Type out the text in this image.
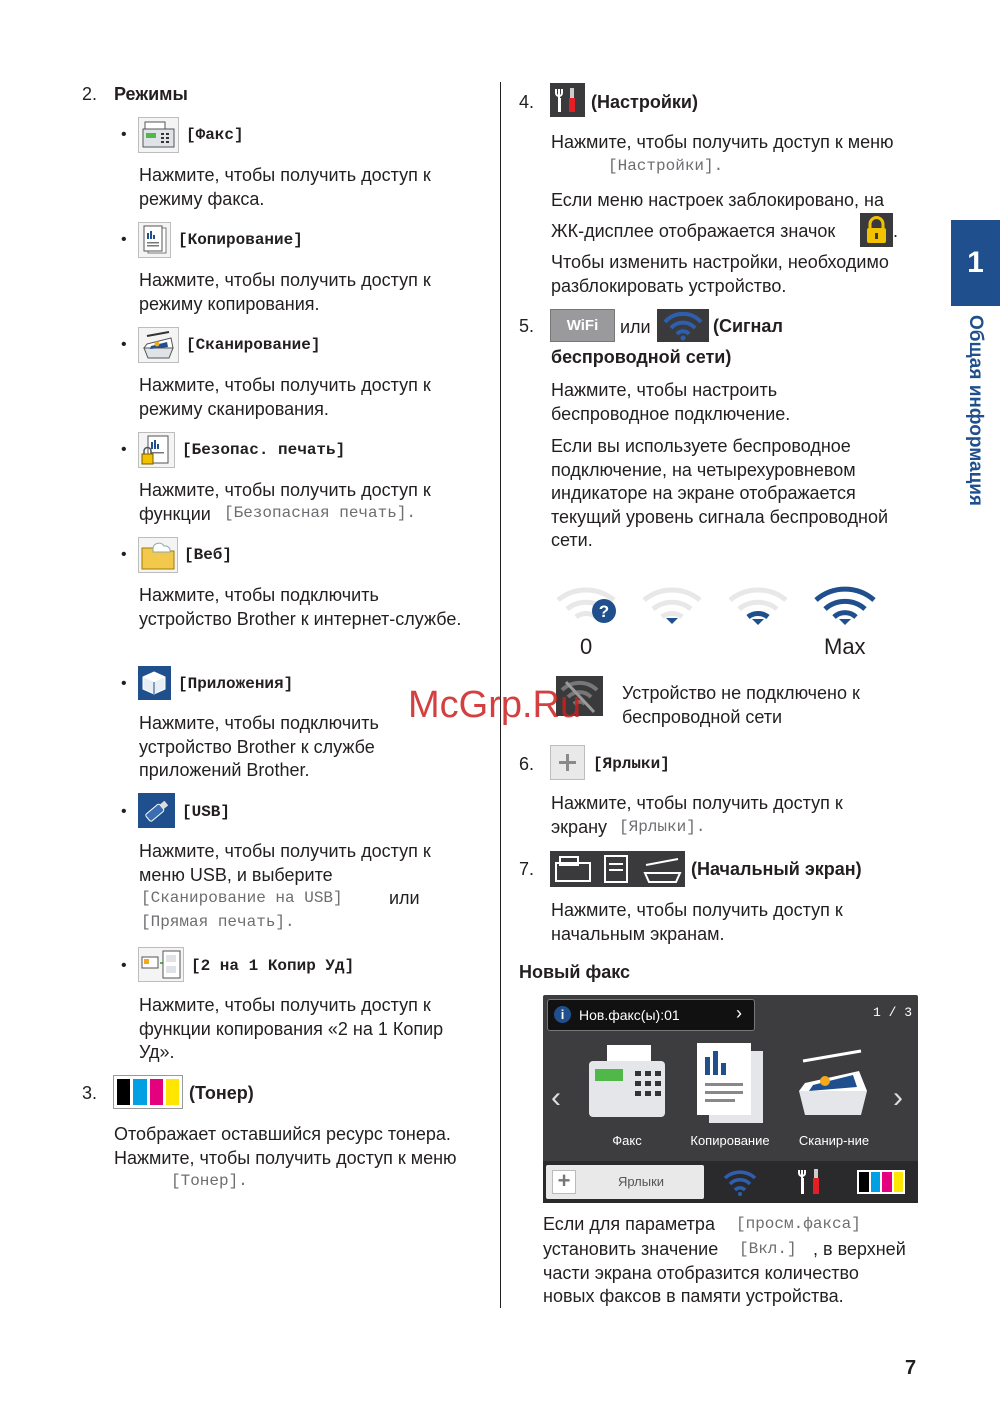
2. Режимы
•	[Факс]
Нажмите, чтобы получить доступ к режиму факса.
•	[Копирование]
Нажмите, чтобы получить доступ к режиму копирования.
•	[Сканирование]
Нажмите, чтобы получить доступ к режиму сканирования.
•	[Безопас. печать]
Нажмите, чтобы получить доступ к функции [Безопасная печать].
•	[Веб]
Нажмите, чтобы подключить устройство Brother к интернет-службе.
•	[Приложения]
Нажмите, чтобы подключить устройство Brother к службе приложений Brother.
•	[USB]
Нажмите, чтобы получить доступ к меню USB, и выберите
[Сканирование на USB]	или
[Прямая печать].
•	[2 на 1 Копир Уд]
Нажмите, чтобы получить доступ к функции копирования «2 на 1 Копир Уд».
3.	(Тонер)
Отображает оставшийся ресурс тонера. Нажмите, чтобы получить доступ к меню
[Тонер].
4.	(Настройки)
Нажмите, чтобы получить доступ к меню
[Настройки].
Если меню настроек заблокировано, на
ЖК-дисплее отображается значок	.
Чтобы изменить настройки, необходимо разблокировать устройство.
5.	WiFi	или	(Сигнал
беспроводной сети)
Нажмите, чтобы настроить беспроводное подключение.
Если вы используете беспроводное подключение, на четырехуровневом индикаторе на экране отображается текущий уровень сигнала беспроводной сети.
?
0	Max
Устройство не подключено к беспроводной сети
McGrp.Ru
6.	[Ярлыки]
Нажмите, чтобы получить доступ к экрану [Ярлыки].
7.	(Начальный экран)
Нажмите, чтобы получить доступ к начальным экранам.
Новый факс
i	Нов.факс(ы):01	›	1 / 3
‹	›
Факс	Копирование	Сканир-ние
+	Ярлыки
Если для параметра [просм.факса]
установить значение [Вкл.] , в верхней части экрана отобразится количество новых факсов в памяти устройства.
1
Общая информация
7
